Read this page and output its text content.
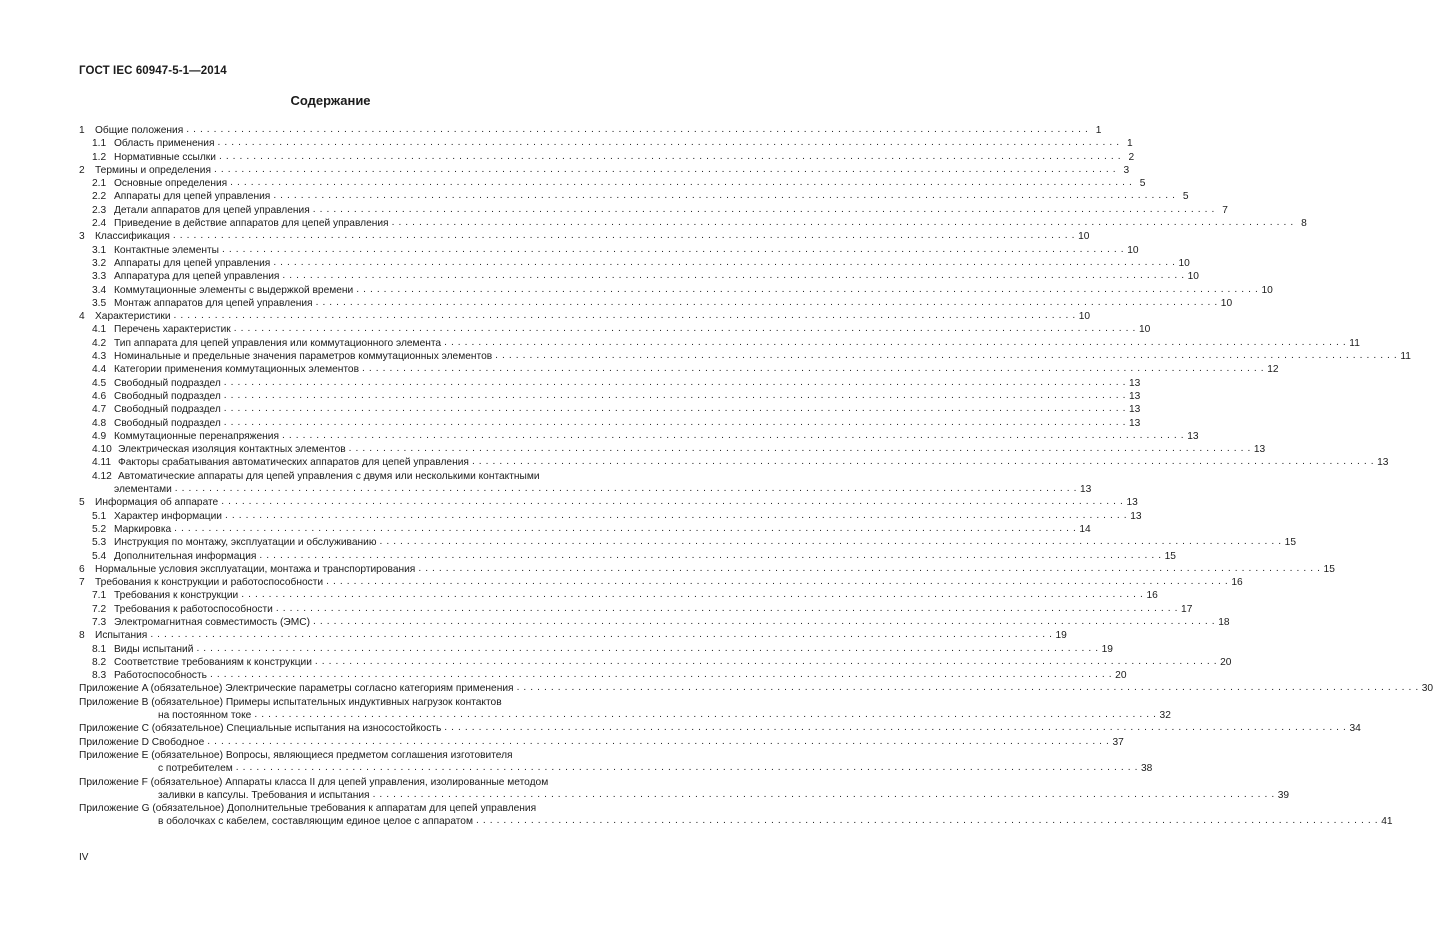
ГОСТ IEC 60947-5-1—2014
Содержание
1	Общие положения . . .	1
1.1 Область применения . . .	1
1.2 Нормативные ссылки . . .	2
2	Термины и определения . . .	3
2.1 Основные определения . . .	5
2.2 Аппараты для цепей управления . . .	5
2.3 Детали аппаратов для цепей управления . . .	7
2.4 Приведение в действие аппаратов для цепей управления . . .	8
3	Классификация . . .	10
3.1 Контактные элементы . . .	10
3.2 Аппараты для цепей управления . . .	10
3.3 Аппаратура для цепей управления . . .	10
3.4 Коммутационные элементы с выдержкой времени . . .	10
3.5 Монтаж аппаратов для цепей управления . . .	10
4	Характеристики . . .	10
4.1 Перечень характеристик . . .	10
4.2 Тип аппарата для цепей управления или коммутационного элемента . . .	11
4.3 Номинальные и предельные значения параметров коммутационных элементов . . .	11
4.4 Категории применения коммутационных элементов . . .	12
4.5 Свободный подраздел . . .	13
4.6 Свободный подраздел . . .	13
4.7 Свободный подраздел . . .	13
4.8 Свободный подраздел . . .	13
4.9 Коммутационные перенапряжения . . .	13
4.10 Электрическая изоляция контактных элементов . . .	13
4.11 Факторы срабатывания автоматических аппаратов для цепей управления . . .	13
4.12 Автоматические аппараты для цепей управления с двумя или несколькими контактными
элементами . . .	13
5	Информация об аппарате . . .	13
5.1 Характер информации . . .	13
5.2 Маркировка . . .	14
5.3 Инструкция по монтажу, эксплуатации и обслуживанию . . .	15
5.4 Дополнительная информация . . .	15
6	Нормальные условия эксплуатации, монтажа и транспортирования . . .	15
7	Требования к конструкции и работоспособности . . .	16
7.1 Требования к конструкции . . .	16
7.2 Требования к работоспособности . . .	17
7.3 Электромагнитная совместимость (ЭМС) . . .	18
8	Испытания . . .	19
8.1 Виды испытаний . . .	19
8.2 Соответствие требованиям к конструкции . . .	20
8.3 Работоспособность . . .	20
Приложение A (обязательное) Электрические параметры согласно категориям применения . . .	30
Приложение B (обязательное) Примеры испытательных индуктивных нагрузок контактов
на постоянном токе . . .	32
Приложение C (обязательное) Специальные испытания на износостойкость . . .	34
Приложение D Свободное . . .	37
Приложение E (обязательное) Вопросы, являющиеся предметом соглашения изготовителя
с потребителем . . .	38
Приложение F (обязательное) Аппараты класса II для цепей управления, изолированные методом
заливки в капсулы. Требования и испытания . . .	39
Приложение G (обязательное) Дополнительные требования к аппаратам для цепей управления
в оболочках с кабелем, составляющим единое целое с аппаратом . . .	41
IV
